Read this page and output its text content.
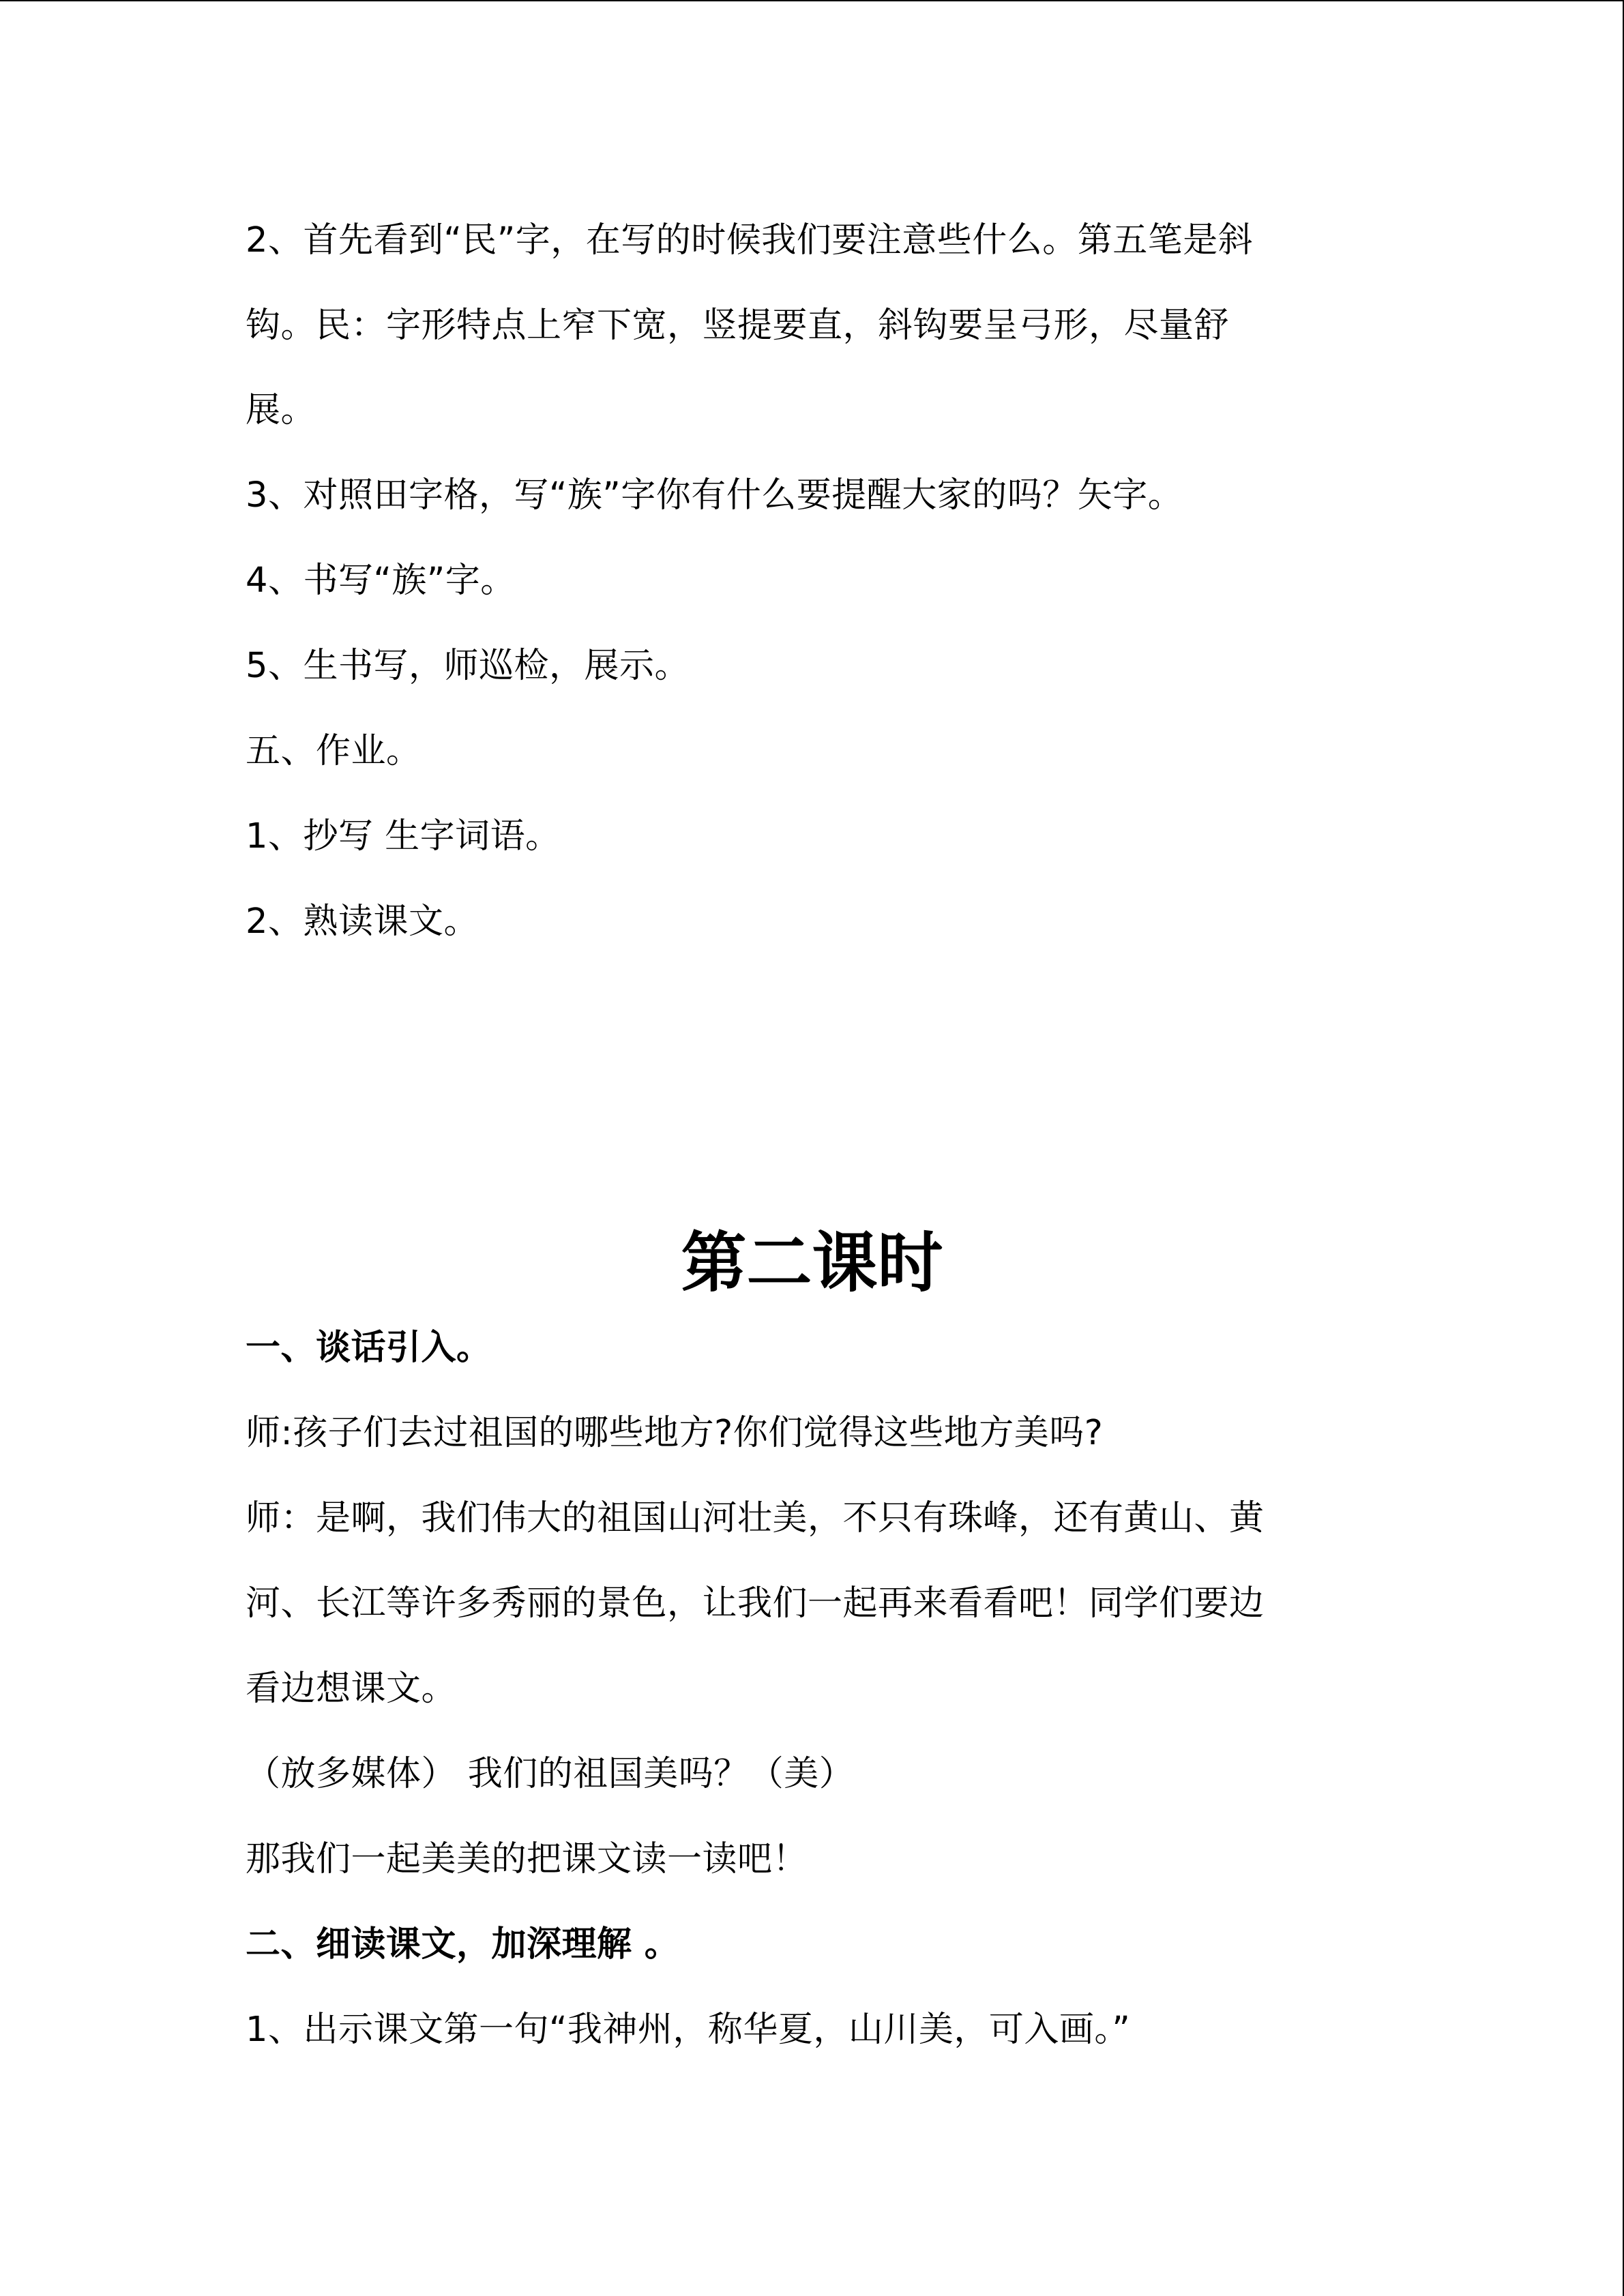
2、首先看到“民”字，在写的时候我们要注意些什么。第五笔是斜
钩。民：字形特点上窄下宽，竖提要直，斜钩要呈弓形，尽量舒
展。
3、对照田字格，写“族”字你有什么要提醒大家的吗？矢字。
4、书写“族”字。
5、生书写，师巡检，展示。
五、作业。
1、抄写 生字词语。
2、熟读课文。
第二课时
一、谈话引入。
师:孩子们去过祖国的哪些地方?你们觉得这些地方美吗?
师：是啊，我们伟大的祖国山河壮美，不只有珠峰，还有黄山、黄
河、长江等许多秀丽的景色，让我们一起再来看看吧！同学们要边
看边想课文。
（放多媒体） 我们的祖国美吗？（美）
那我们一起美美的把课文读一读吧！
二、细读课文，加深理解 。
1、出示课文第一句“我神州，称华夏，山川美，可入画。”
